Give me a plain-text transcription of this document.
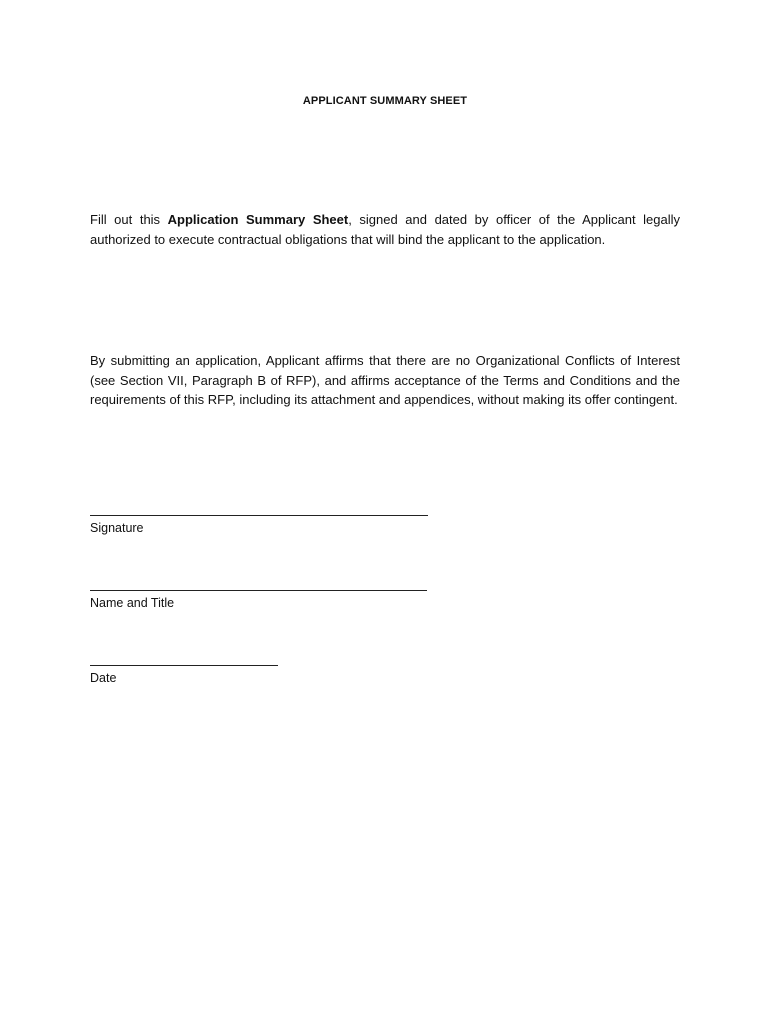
APPLICANT SUMMARY SHEET
Fill out this Application Summary Sheet, signed and dated by officer of the Applicant legally authorized to execute contractual obligations that will bind the applicant to the application.
By submitting an application, Applicant affirms that there are no Organizational Conflicts of Interest (see Section VII, Paragraph B of RFP), and affirms acceptance of the Terms and Conditions and the requirements of this RFP, including its attachment and appendices, without making its offer contingent.
Signature
Name and Title
Date
